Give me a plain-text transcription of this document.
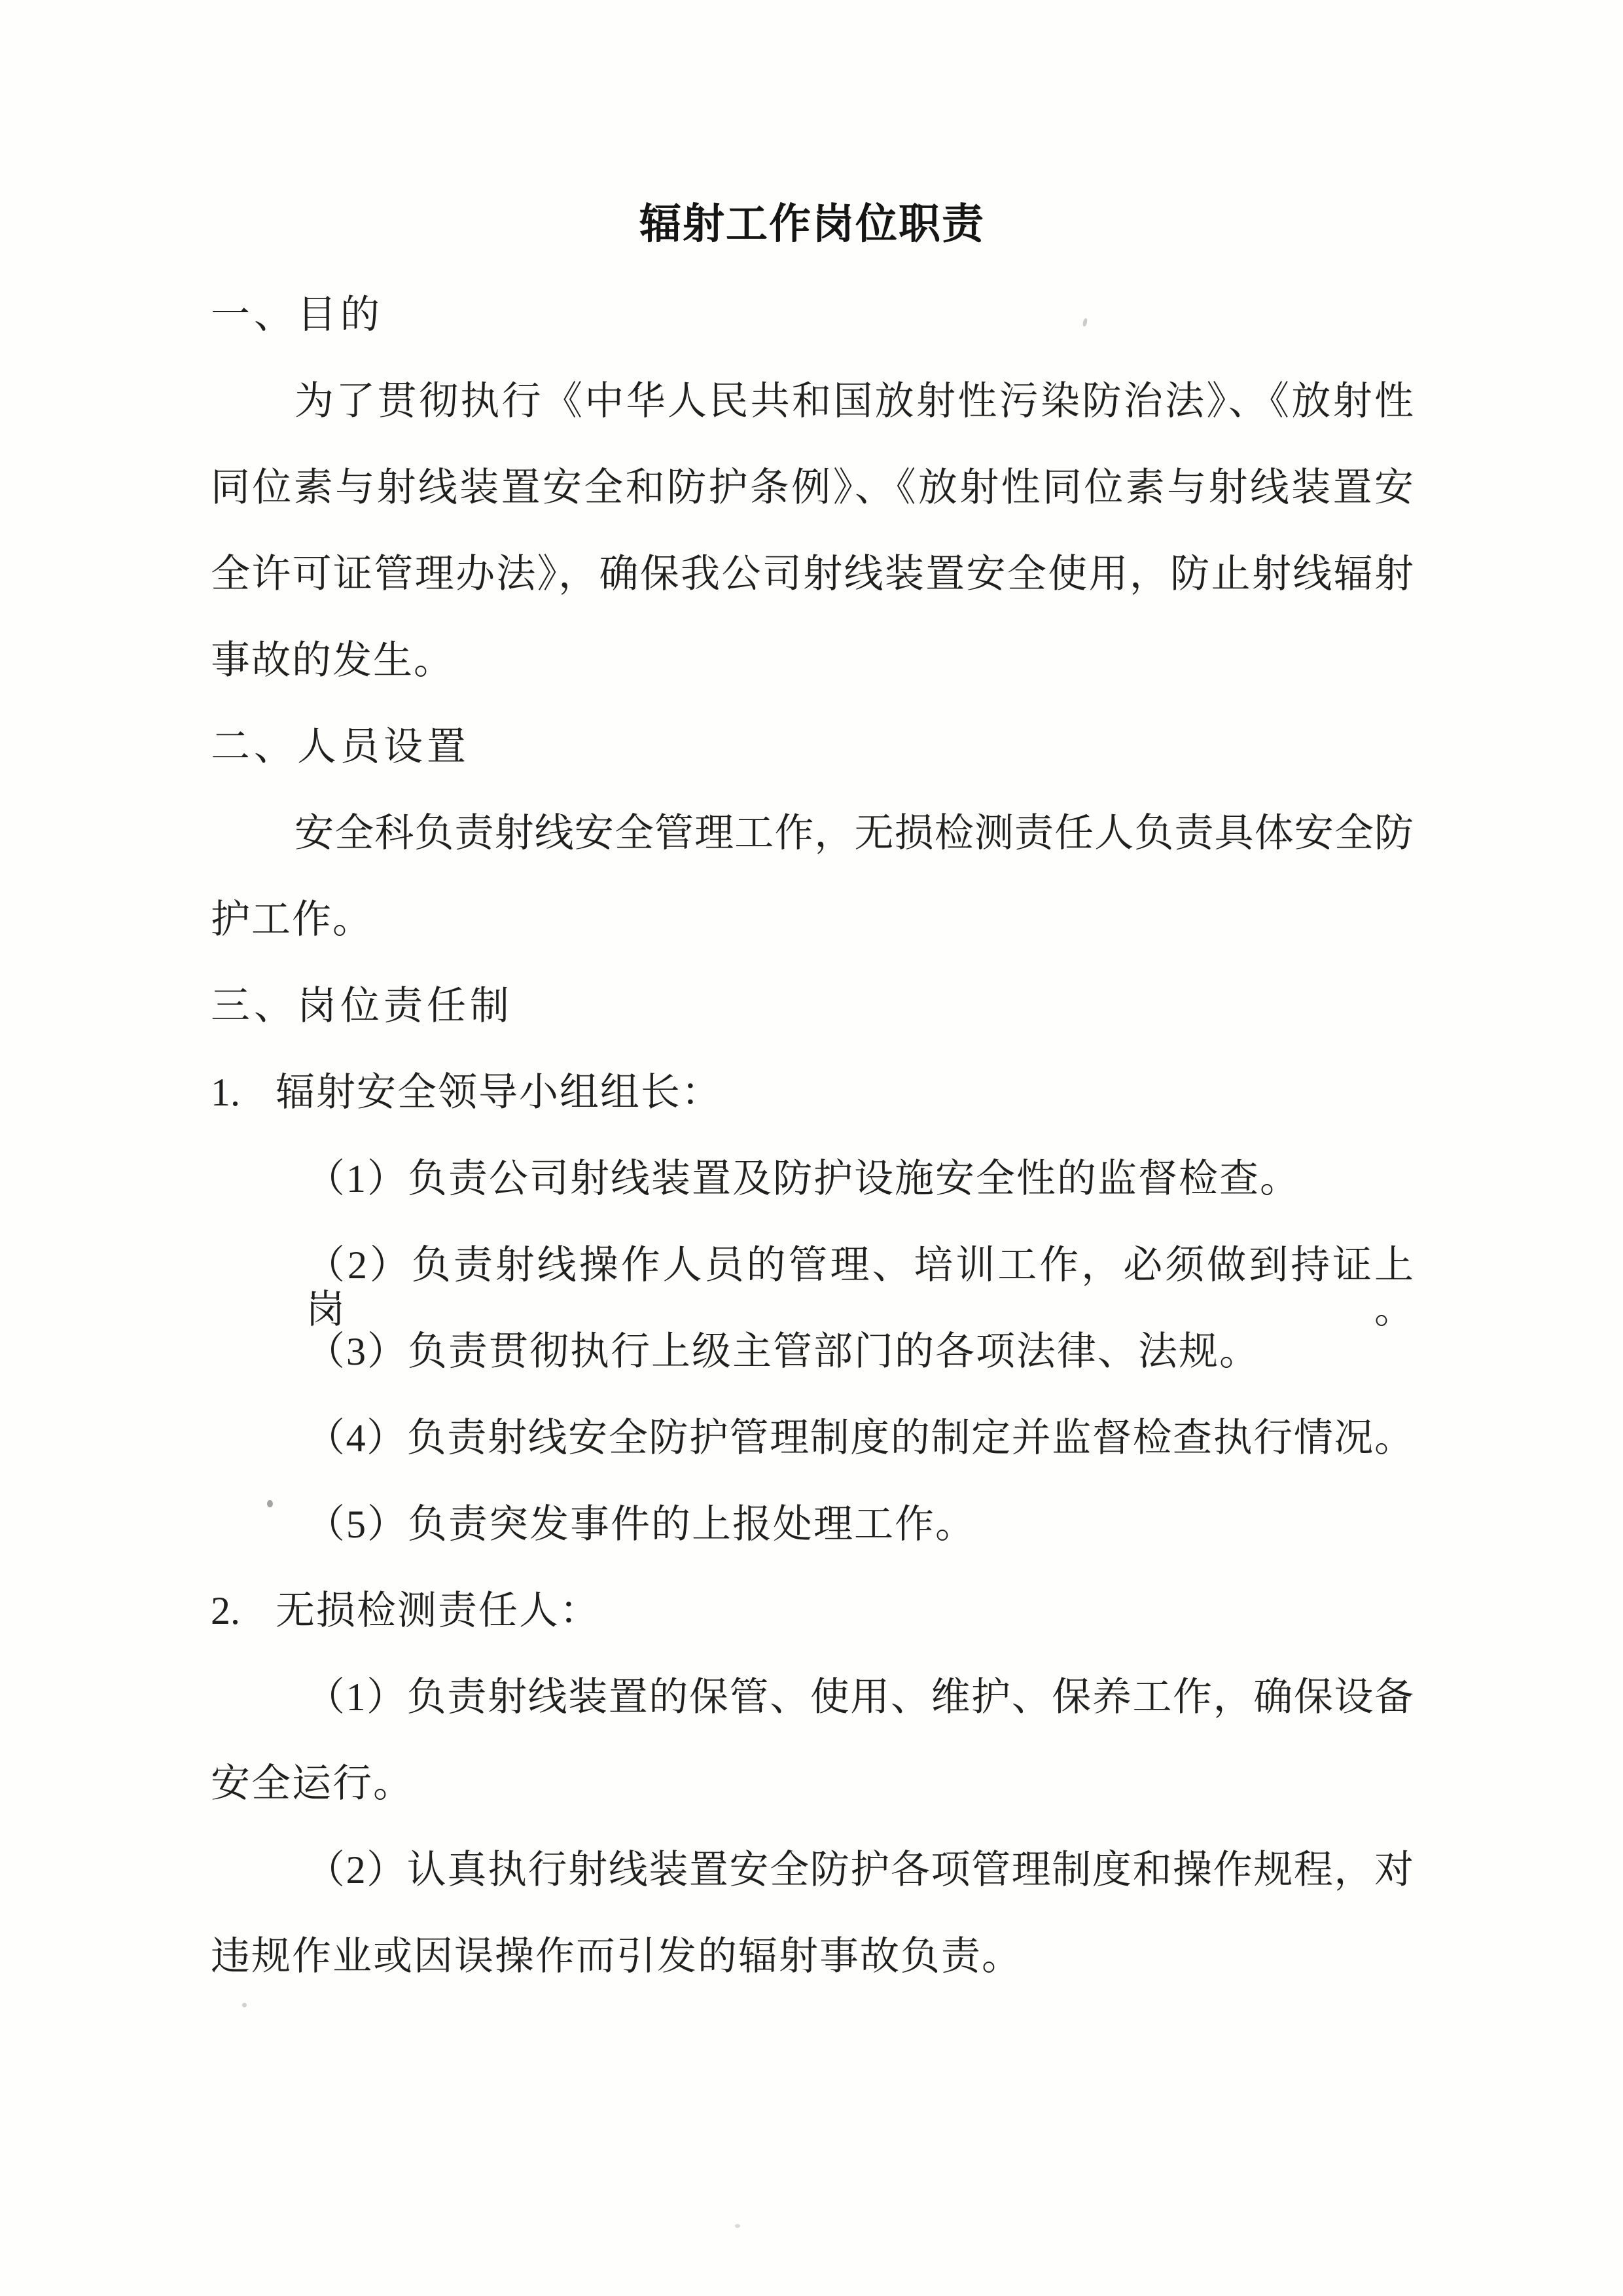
辐射工作岗位职责
一、目的
为了贯彻执行《中华人民共和国放射性污染防治法》、《放射性
同位素与射线装置安全和防护条例》、《放射性同位素与射线装置安
全许可证管理办法》，确保我公司射线装置安全使用，防止射线辐射
事故的发生。
二、人员设置
安全科负责射线安全管理工作，无损检测责任人负责具体安全防
护工作。
三、岗位责任制
1. 辐射安全领导小组组长：
（1）负责公司射线装置及防护设施安全性的监督检查。
（2）负责射线操作人员的管理、培训工作，必须做到持证上岗。
（3）负责贯彻执行上级主管部门的各项法律、法规。
（4）负责射线安全防护管理制度的制定并监督检查执行情况。
（5）负责突发事件的上报处理工作。
2. 无损检测责任人：
（1）负责射线装置的保管、使用、维护、保养工作，确保设备
安全运行。
（2）认真执行射线装置安全防护各项管理制度和操作规程，对
违规作业或因误操作而引发的辐射事故负责。
